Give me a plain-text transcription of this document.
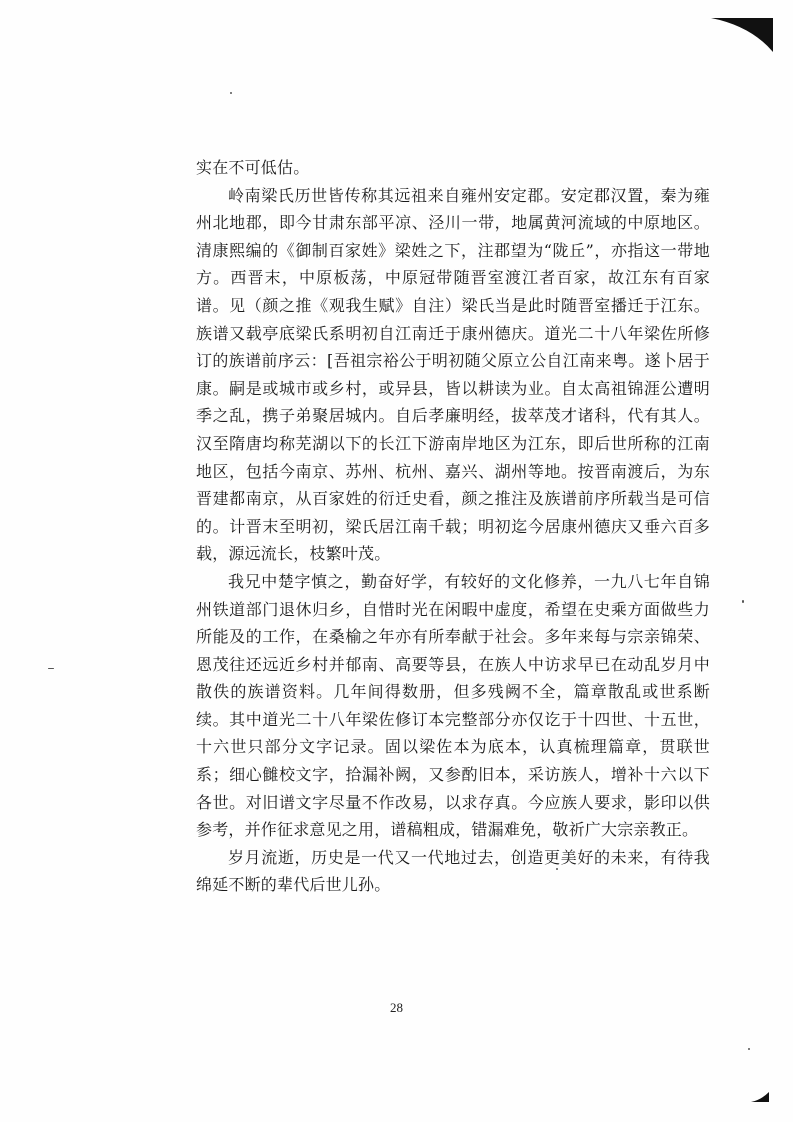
实在不可低估。

岭南梁氏历世皆传称其远祖来自雍州安定郡。安定郡汉置，秦为雍州北地郡，即今甘肃东部平凉、泾川一带，地属黄河流域的中原地区。清康熙编的《御制百家姓》梁姓之下，注郡望为“陇丘”，亦指这一带地方。西晋末，中原板荡，中原冠带随晋室渡江者百家，故江东有百家谱。见（颜之推《观我生赋》自注）梁氏当是此时随晋室播迁于江东。族谱又载亭底梁氏系明初自江南迁于康州德庆。道光二十八年梁佐所修订的族谱前序云：[吾祖宗裕公于明初随父原立公自江南来粤。遂卜居于康。嗣是或城市或乡村，或异县，皆以耕读为业。自太高祖锦涯公遭明季之乱，携子弟聚居城内。自后孝廉明经，拔萃茂才诸科，代有其人。汉至隋唐均称芜湖以下的长江下游南岸地区为江东，即后世所称的江南地区，包括今南京、苏州、杭州、嘉兴、湖州等地。按晋南渡后，为东晋建都南京，从百家姓的衍迁史看，颜之推注及族谱前序所载当是可信的。计晋末至明初，梁氏居江南千载；明初迄今居康州德庆又垂六百多载，源远流长，枝繁叶茂。

我兄中楚字慎之，勤奋好学，有较好的文化修养，一九八七年自锦州铁道部门退休归乡，自惜时光在闲暇中虚度，希望在史乘方面做些力所能及的工作，在桑榆之年亦有所奉献于社会。多年来每与宗亲锦荣、恩茂往还远近乡村并郁南、高要等县，在族人中访求早已在动乱岁月中散佚的族谱资料。几年间得数册，但多残阙不全，篇章散乱或世系断续。其中道光二十八年梁佐修订本完整部分亦仅讫于十四世、十五世，十六世只部分文字记录。固以梁佐本为底本，认真梳理篇章，贯联世系；细心雠校文字，拾漏补阙，又参酌旧本，采访族人，增补十六以下各世。对旧谱文字尽量不作改易，以求存真。今应族人要求，影印以供参考，并作征求意见之用，谱稿粗成，错漏难免，敬祈广大宗亲教正。

岁月流逝，历史是一代又一代地过去，创造更美好的未来，有待我绵延不断的辈代后世儿孙。

28
